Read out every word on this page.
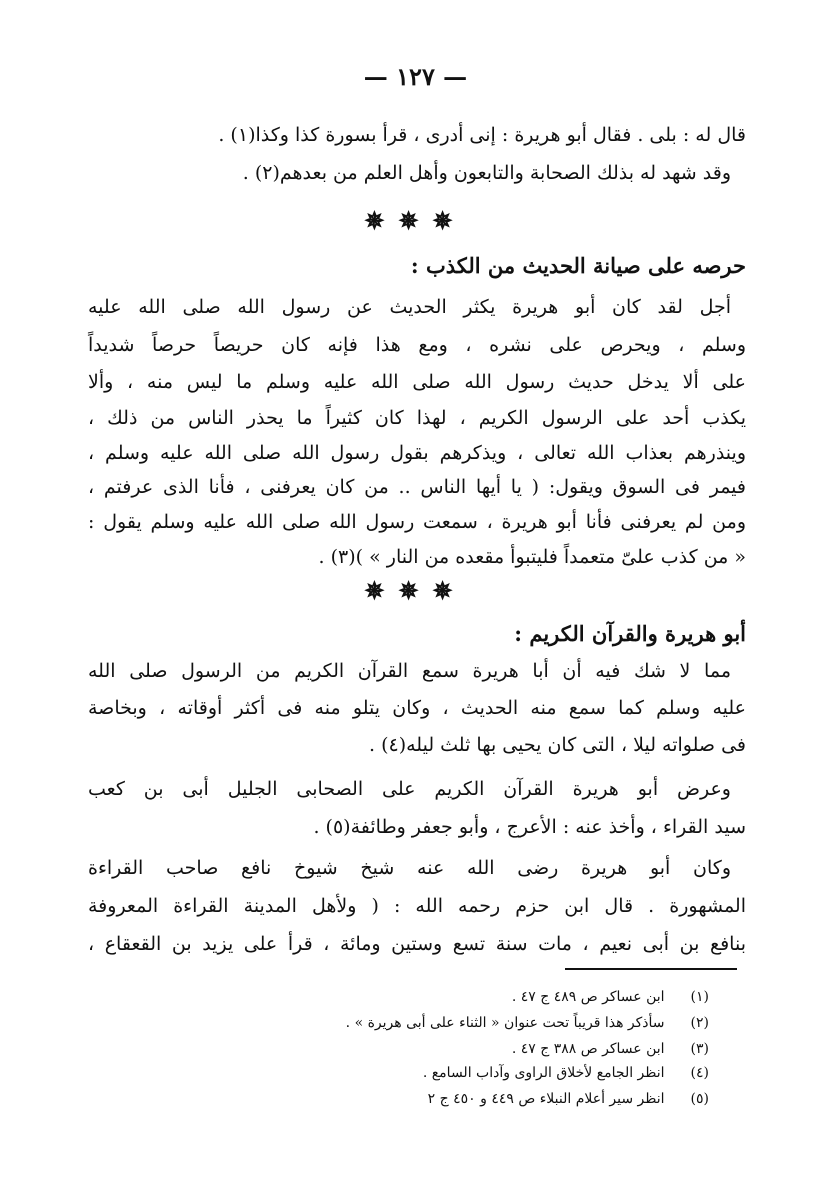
— ١٢٧ —
قال له : بلى . فقال أبو هريرة : إنى أدرى ، قرأ بسورة كذا وكذا(١) .
وقد شهد له بذلك الصحابة والتابعون وأهل العلم من بعدهم(٢) .
✵✵✵
حرصه على صيانة الحديث من الكذب :
أجل لقد كان أبو هريرة يكثر الحديث عن رسول الله صلى الله عليه
وسلم ، ويحرص على نشره ، ومع هذا فإنه كان حريصاً حرصاً شديداً
على ألا يدخل حديث رسول الله صلى الله عليه وسلم ما ليس منه ، وألا
يكذب أحد على الرسول الكريم ، لهذا كان كثيراً ما يحذر الناس من ذلك ،
وينذرهم بعذاب الله تعالى ، ويذكرهم بقول رسول الله صلى الله عليه وسلم ،
فيمر فى السوق ويقول: ( يا أيها الناس .. من كان يعرفنى ، فأنا الذى عرفتم ،
ومن لم يعرفنى فأنا أبو هريرة ، سمعت رسول الله صلى الله عليه وسلم يقول :
« من كذب علىّ متعمداً فليتبوأ مقعده من النار » )(٣) .
✵✵✵
أبو هريرة والقرآن الكريم :
مما لا شك فيه أن أبا هريرة سمع القرآن الكريم من الرسول صلى الله
عليه وسلم كما سمع منه الحديث ، وكان يتلو منه فى أكثر أوقاته ، وبخاصة
فى صلواته ليلا ، التى كان يحيى بها ثلث ليله(٤) .
وعرض أبو هريرة القرآن الكريم على الصحابى الجليل أبى بن كعب
سيد القراء ، وأخذ عنه : الأعرج ، وأبو جعفر وطائفة(٥) .
وكان أبو هريرة رضى الله عنه شيخ شيوخ نافع صاحب القراءة
المشهورة . قال ابن حزم رحمه الله : ( ولأهل المدينة القراءة المعروفة
بنافع بن أبى نعيم ، مات سنة تسع وستين ومائة ، قرأ على يزيد بن القعقاع ،
(١) ابن عساكر ص ٤٨٩ ج ٤٧ .
(٢) سأذكر هذا قريباً تحت عنوان « الثناء على أبى هريرة » .
(٣) ابن عساكر ص ٣٨٨ ج ٤٧ .
(٤) انظر الجامع لأخلاق الراوى وآداب السامع .
(٥) انظر سير أعلام النبلاء ص ٤٤٩ و ٤٥٠ ج ٢
